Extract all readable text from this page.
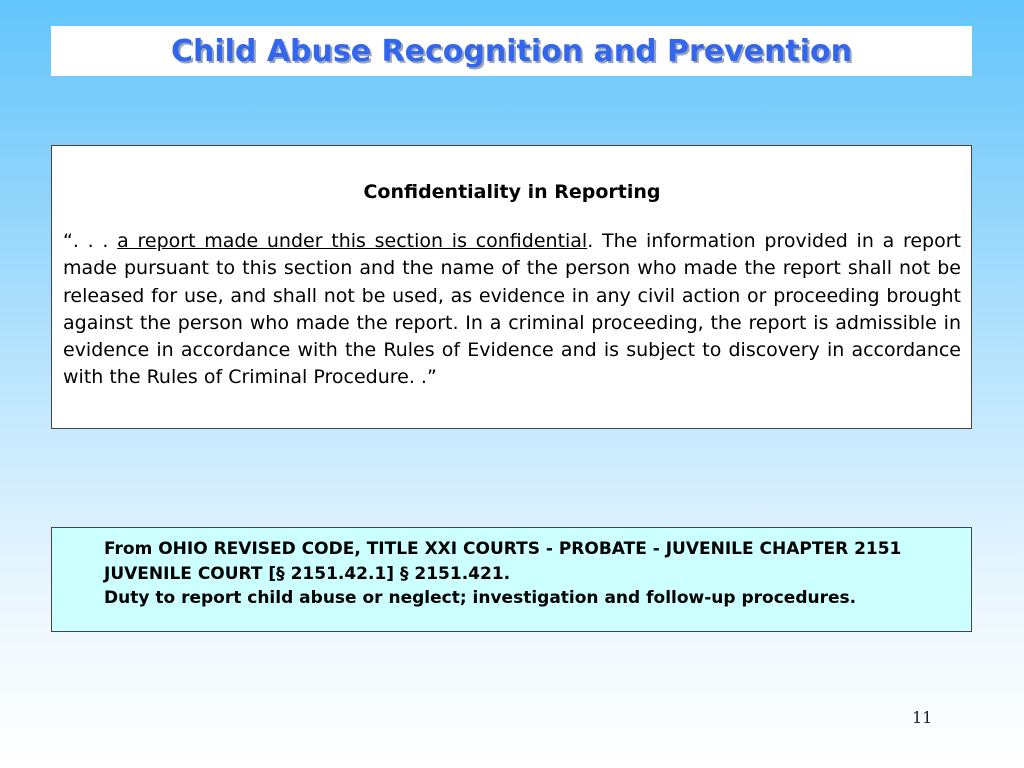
Child Abuse Recognition and Prevention
Confidentiality in Reporting

“. . . a report made under this section is confidential. The information provided in a report made pursuant to this section and the name of the person who made the report shall not be released for use, and shall not be used, as evidence in any civil action or proceeding brought against the person who made the report. In a criminal proceeding, the report is admissible in evidence in accordance with the Rules of Evidence and is subject to discovery in accordance with the Rules of Criminal Procedure. .”

From OHIO REVISED CODE, TITLE XXI COURTS - PROBATE - JUVENILE CHAPTER 2151 JUVENILE COURT [§ 2151.42.1] § 2151.421.

Duty to report child abuse or neglect; investigation and follow-up procedures.

11
